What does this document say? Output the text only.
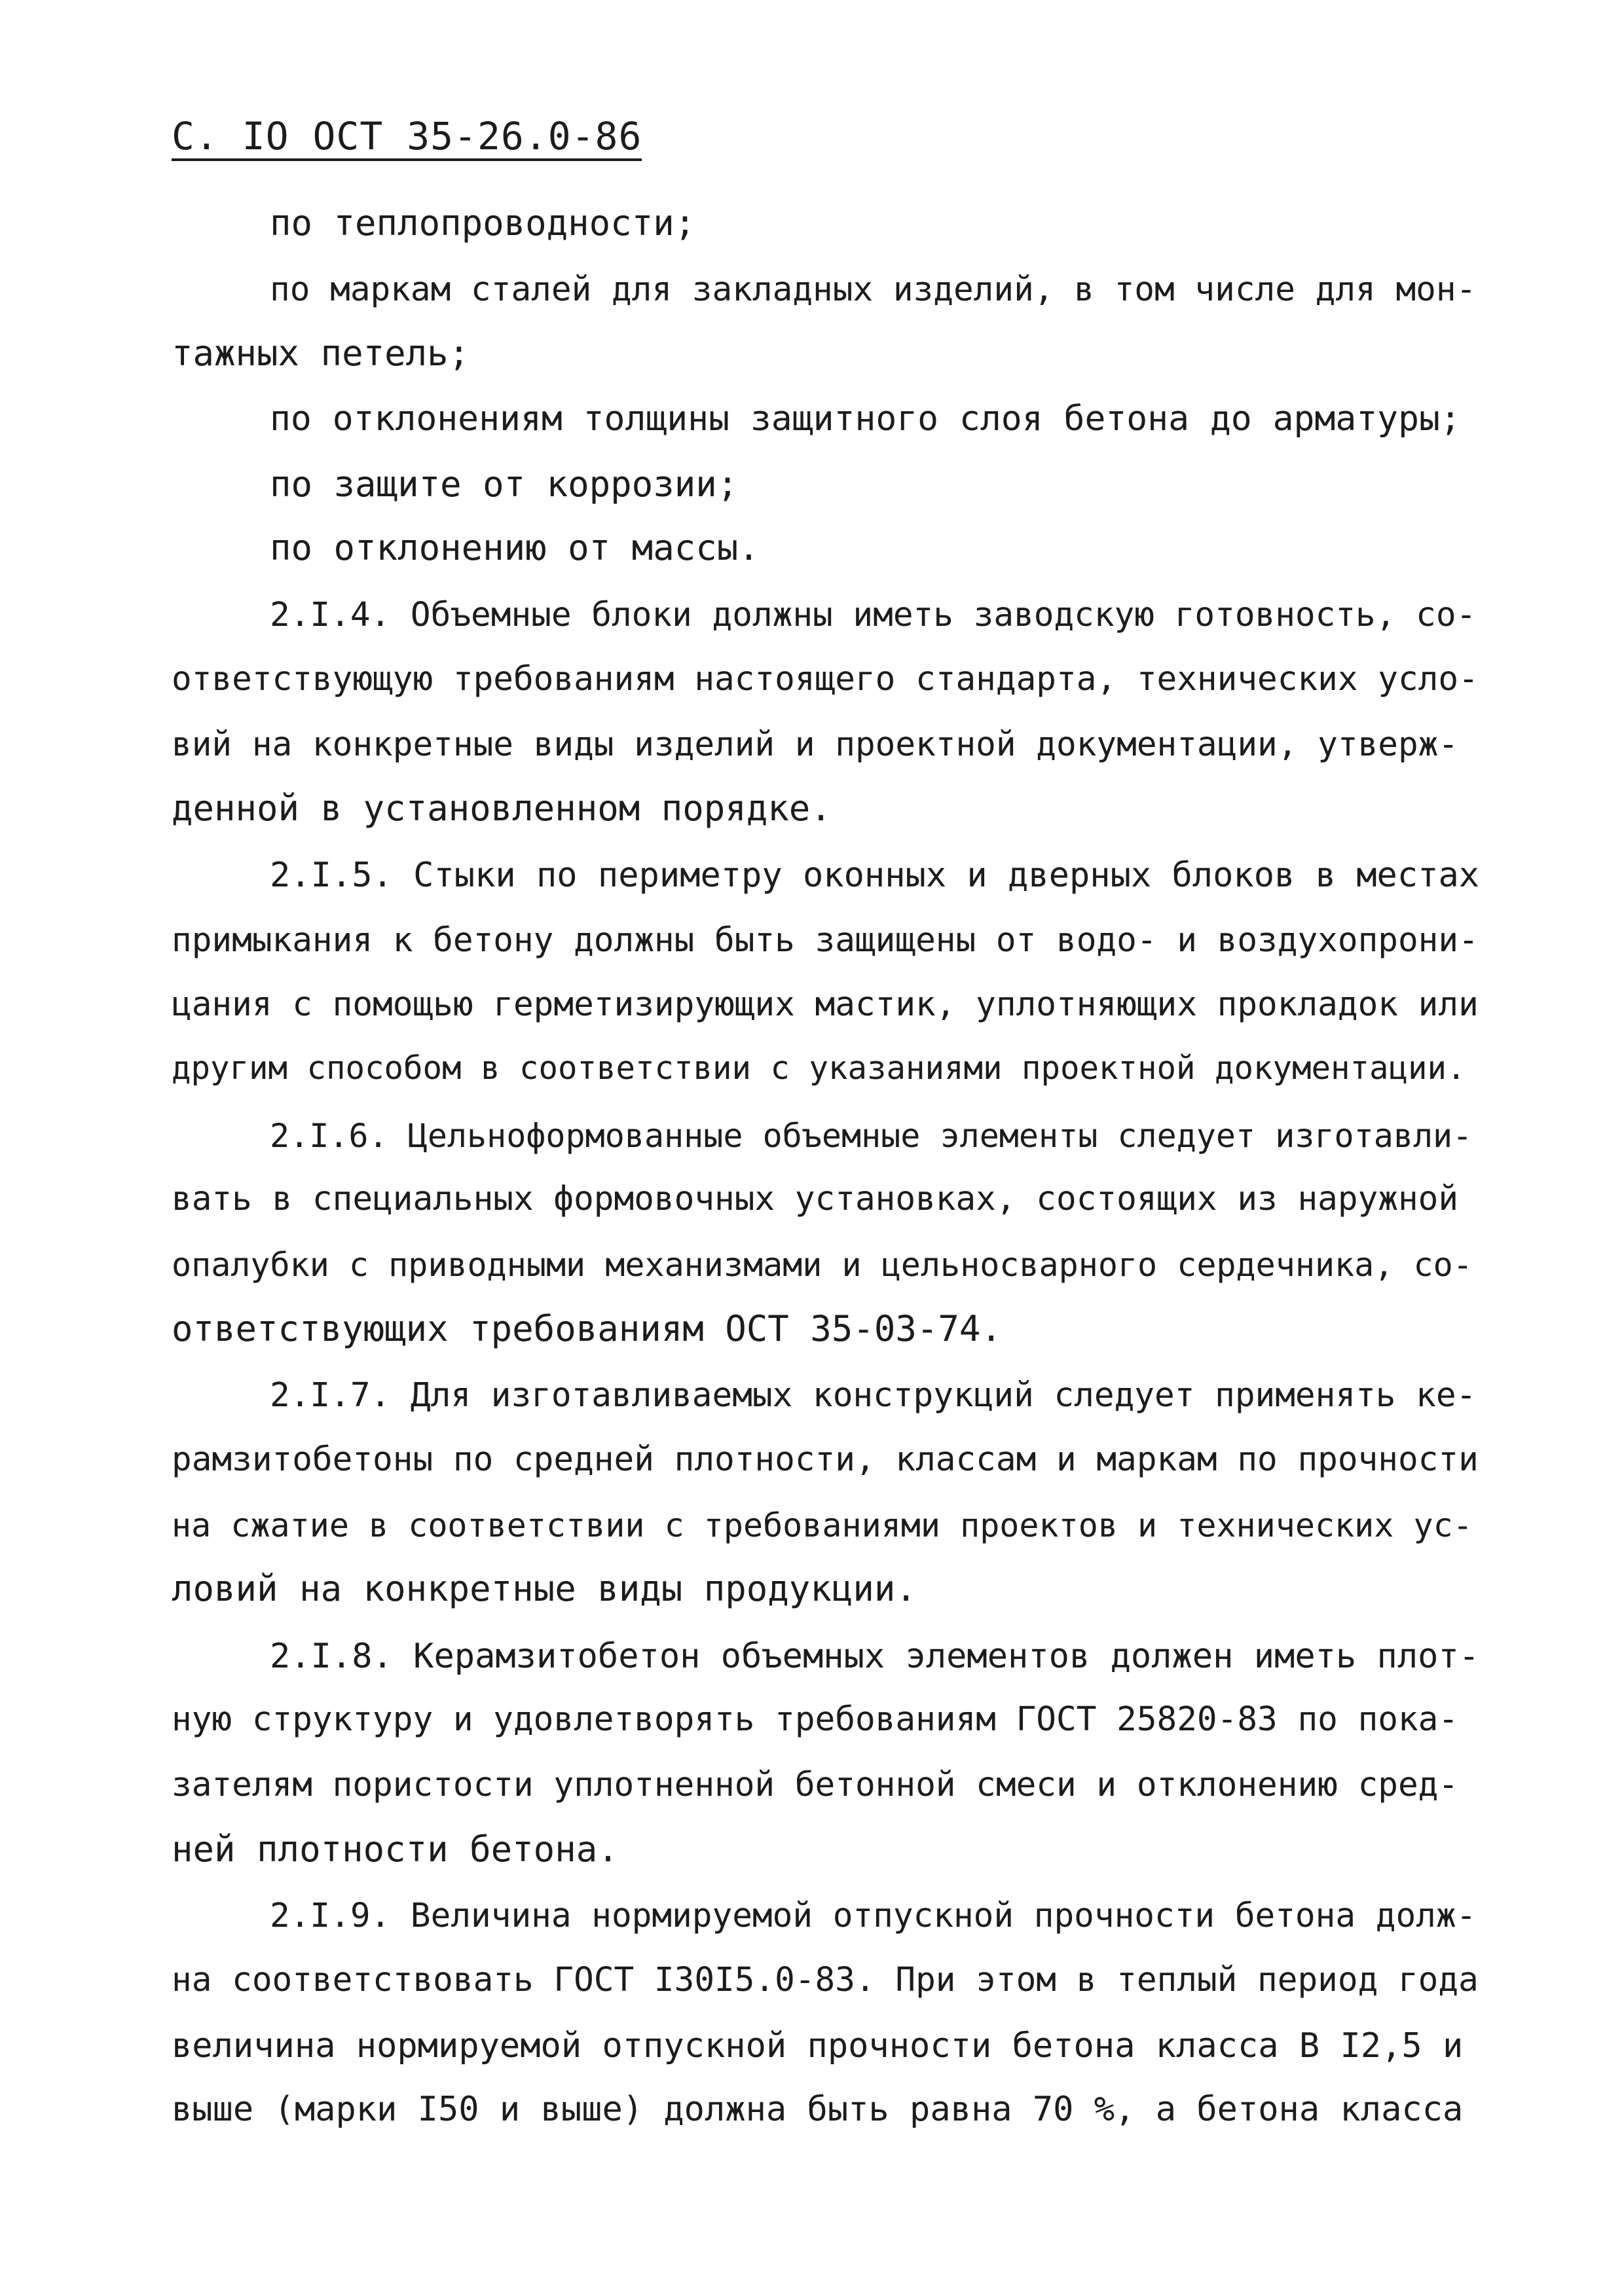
С. IO ОСТ 35-26.0-86
по теплопроводности;
по маркам сталей для закладных изделий, в том числе для мон-
тажных петель;
по отклонениям толщины защитного слоя бетона до арматуры;
по защите от коррозии;
по отклонению от массы.
2.I.4. Объемные блоки должны иметь заводскую готовность, со-
ответствующую требованиям настоящего стандарта, технических усло-
вий на конкретные виды изделий и проектной документации, утверж-
денной в установленном порядке.
2.I.5. Стыки по периметру оконных и дверных блоков в местах
примыкания к бетону должны быть защищены от водо- и воздухопрони-
цания с помощью герметизирующих мастик, уплотняющих прокладок или
другим способом в соответствии с указаниями проектной документации.
2.I.6. Цельноформованные объемные элементы следует изготавли-
вать в специальных формовочных установках, состоящих из наружной
опалубки с приводными механизмами и цельносварного сердечника, со-
ответствующих требованиям ОСТ 35-03-74.
2.I.7. Для изготавливаемых конструкций следует применять ке-
рамзитобетоны по средней плотности, классам и маркам по прочности
на сжатие в соответствии с требованиями проектов и технических ус-
ловий на конкретные виды продукции.
2.I.8. Керамзитобетон объемных элементов должен иметь плот-
ную структуру и удовлетворять требованиям ГОСТ 25820-83 по пока-
зателям пористости уплотненной бетонной смеси и отклонению сред-
ней плотности бетона.
2.I.9. Величина нормируемой отпускной прочности бетона долж-
на соответствовать ГОСТ I30I5.0-83. При этом в теплый период года
величина нормируемой отпускной прочности бетона класса В I2,5 и
выше (марки I50 и выше) должна быть равна 70 %, а бетона класса
